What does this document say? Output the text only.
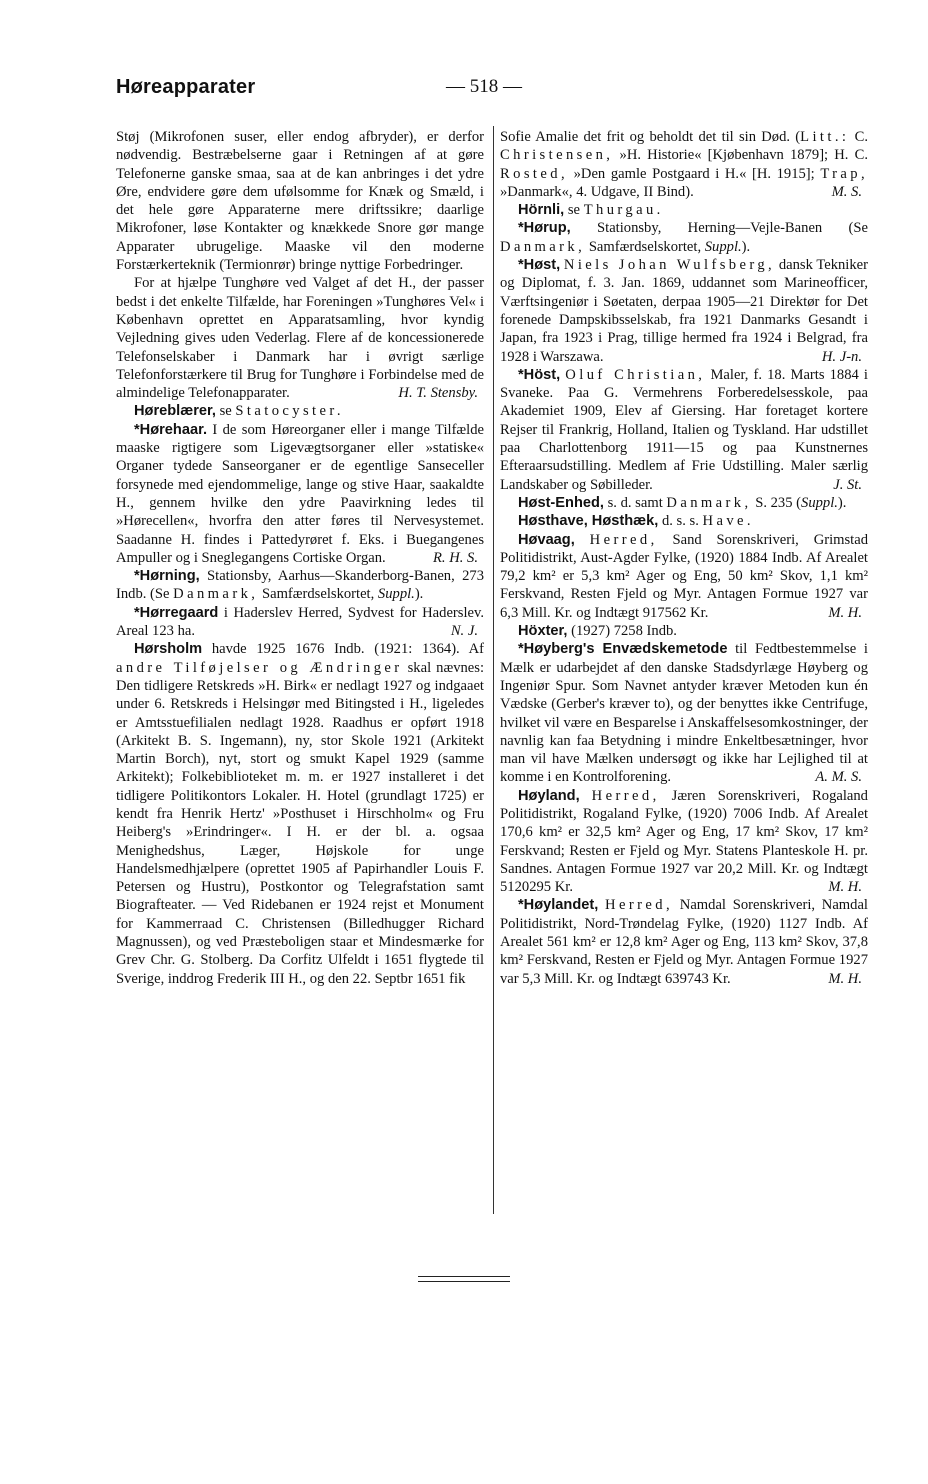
Høreapparater	— 518 —

Støj (Mikrofonen suser, eller endog afbryder), er derfor nødvendig. Bestræbelserne gaar i Retningen af at gøre Telefonerne ganske smaa, saa at de kan anbringes i det ydre Øre, endvidere gøre dem ufølsomme for Knæk og Smæld, i det hele gøre Apparaterne mere driftssikre; daarlige Mikrofoner, løse Kontakter og knækkede Snore gør mange Apparater ubrugelige. Maaske vil den moderne Forstærkerteknik (Termionrør) bringe nyttige Forbedringer.

For at hjælpe Tunghøre ved Valget af det H., der passer bedst i det enkelte Tilfælde, har Foreningen »Tunghøres Vel« i København oprettet en Apparatsamling, hvor kyndig Vejledning gives uden Vederlag. Flere af de koncessionerede Telefonselskaber i Danmark har i øvrigt særlige Telefonforstærkere til Brug for Tunghøre i Forbindelse med de almindelige Telefonapparater.	H. T. Stensby.

Høreblærer, se Statocyster.

*Hørehaar. I de som Høreorganer eller i mange Tilfælde maaske rigtigere som Ligevægtsorganer eller »statiske« Organer tydede Sanseorganer er de egentlige Sanseceller forsynede med ejendommelige, lange og stive Haar, saakaldte H., gennem hvilke den ydre Paavirkning ledes til »Hørecellen«, hvorfra den atter føres til Nervesystemet. Saadanne H. findes i Pattedyrøret f. Eks. i Buegangenes Ampuller og i Sneglegangens Cortiske Organ.	R. H. S.

*Hørning, Stationsby, Aarhus—Skanderborg-Banen, 273 Indb. (Se Danmark, Samfærdselskortet, Suppl.).

*Hørregaard i Haderslev Herred, Sydvest for Haderslev. Areal 123 ha.	N. J.

Hørsholm havde 1925 1676 Indb. (1921: 1364). Af andre Tilføjelser og Ændringer skal nævnes: Den tidligere Retskreds »H. Birk« er nedlagt 1927 og indgaaet under 6. Retskreds i Helsingør med Bitingsted i H., ligeledes er Amtsstuefilialen nedlagt 1928. Raadhus er opført 1918 (Arkitekt B. S. Ingemann), ny, stor Skole 1921 (Arkitekt Martin Borch), nyt, stort og smukt Kapel 1929 (samme Arkitekt); Folkebiblioteket m. m. er 1927 installeret i det tidligere Politikontors Lokaler. H. Hotel (grundlagt 1725) er kendt fra Henrik Hertz' »Posthuset i Hirschholm« og Fru Heiberg's »Erindringer«. I H. er der bl. a. ogsaa Menighedshus, Læger, Højskole for unge Handelsmedhjælpere (oprettet 1905 af Papirhandler Louis F. Petersen og Hustru), Postkontor og Telegrafstation samt Biografteater. — Ved Ridebanen er 1924 rejst et Monument for Kammerraad C. Christensen (Billedhugger Richard Magnussen), og ved Præsteboligen staar et Mindesmærke for Grev Chr. G. Stolberg. Da Corfitz Ulfeldt i 1651 flygtede til Sverige, inddrog Frederik III H., og den 22. Septbr 1651 fik

Sofie Amalie det frit og beholdt det til sin Død. (Litt.: C. Christensen, »H. Historie« [Kjøbenhavn 1879]; H. C. Rosted, »Den gamle Postgaard i H.« [H. 1915]; Trap, »Danmark«, 4. Udgave, II Bind).	M. S.

Hörnli, se Thurgau.

*Hørup, Stationsby, Herning—Vejle-Banen (Se Danmark, Samfærdselskortet, Suppl.).

*Høst, Niels Johan Wulfsberg, dansk Tekniker og Diplomat, f. 3. Jan. 1869, uddannet som Marineofficer, Værftsingeniør i Søetaten, derpaa 1905—21 Direktør for Det forenede Dampskibsselskab, fra 1921 Danmarks Gesandt i Japan, fra 1923 i Prag, tillige hermed fra 1924 i Belgrad, fra 1928 i Warszawa.	H. J-n.

*Höst, Oluf Christian, Maler, f. 18. Marts 1884 i Svaneke. Paa G. Vermehrens Forberedelsesskole, paa Akademiet 1909, Elev af Giersing. Har foretaget kortere Rejser til Frankrig, Holland, Italien og Tyskland. Har udstillet paa Charlottenborg 1911—15 og paa Kunstnernes Efteraarsudstilling. Medlem af Frie Udstilling. Maler særlig Landskaber og Søbilleder.	J. St.

Høst-Enhed, s. d. samt Danmark, S. 235 (Suppl.).

Høsthave, Høsthæk, d. s. s. Have.

Høvaag, Herred, Sand Sorenskriveri, Grimstad Politidistrikt, Aust-Agder Fylke, (1920) 1884 Indb. Af Arealet 79,2 km² er 5,3 km² Ager og Eng, 50 km² Skov, 1,1 km² Ferskvand, Resten Fjeld og Myr. Antagen Formue 1927 var 6,3 Mill. Kr. og Indtægt 917562 Kr.	M. H.

Höxter, (1927) 7258 Indb.

*Høyberg's Envædskemetode til Fedtbestemmelse i Mælk er udarbejdet af den danske Stadsdyrlæge Høyberg og Ingeniør Spur. Som Navnet antyder kræver Metoden kun én Vædske (Gerber's kræver to), og der benyttes ikke Centrifuge, hvilket vil være en Besparelse i Anskaffelsesomkostninger, der navnlig kan faa Betydning i mindre Enkeltbesætninger, hvor man vil have Mælken undersøgt og ikke har Lejlighed til at komme i en Kontrolforening.	A. M. S.

Høyland, Herred, Jæren Sorenskriveri, Rogaland Politidistrikt, Rogaland Fylke, (1920) 7006 Indb. Af Arealet 170,6 km² er 32,5 km² Ager og Eng, 17 km² Skov, 17 km² Ferskvand; Resten er Fjeld og Myr. Statens Planteskole H. pr. Sandnes. Antagen Formue 1927 var 20,2 Mill. Kr. og Indtægt 5120295 Kr.	M. H.

*Høylandet, Herred, Namdal Sorenskriveri, Namdal Politidistrikt, Nord-Trøndelag Fylke, (1920) 1127 Indb. Af Arealet 561 km² er 12,8 km² Ager og Eng, 113 km² Skov, 37,8 km² Ferskvand, Resten er Fjeld og Myr. Antagen Formue 1927 var 5,3 Mill. Kr. og Indtægt 639743 Kr.	M. H.
